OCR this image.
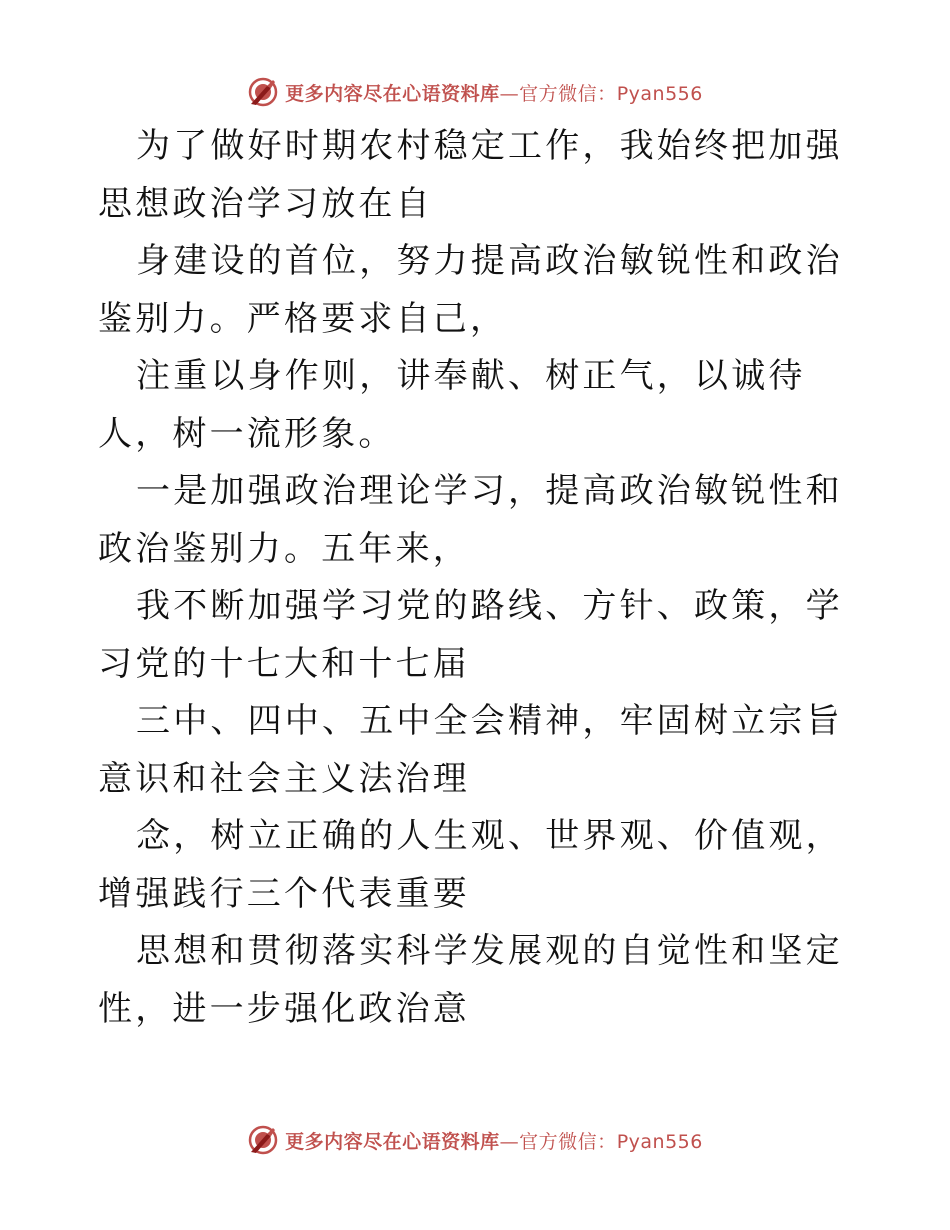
更多内容尽在心语资料库—官方微信：Pyan556

为了做好时期农村稳定工作，我始终把加强思想政治学习放在自

身建设的首位，努力提高政治敏锐性和政治鉴别力。严格要求自己，

注重以身作则，讲奉献、树正气，以诚待人，树一流形象。

一是加强政治理论学习，提高政治敏锐性和政治鉴别力。五年来，

我不断加强学习党的路线、方针、政策，学习党的十七大和十七届

三中、四中、五中全会精神，牢固树立宗旨意识和社会主义法治理

念，树立正确的人生观、世界观、价值观，增强践行三个代表重要

思想和贯彻落实科学发展观的自觉性和坚定性，进一步强化政治意

更多内容尽在心语资料库—官方微信：Pyan556
